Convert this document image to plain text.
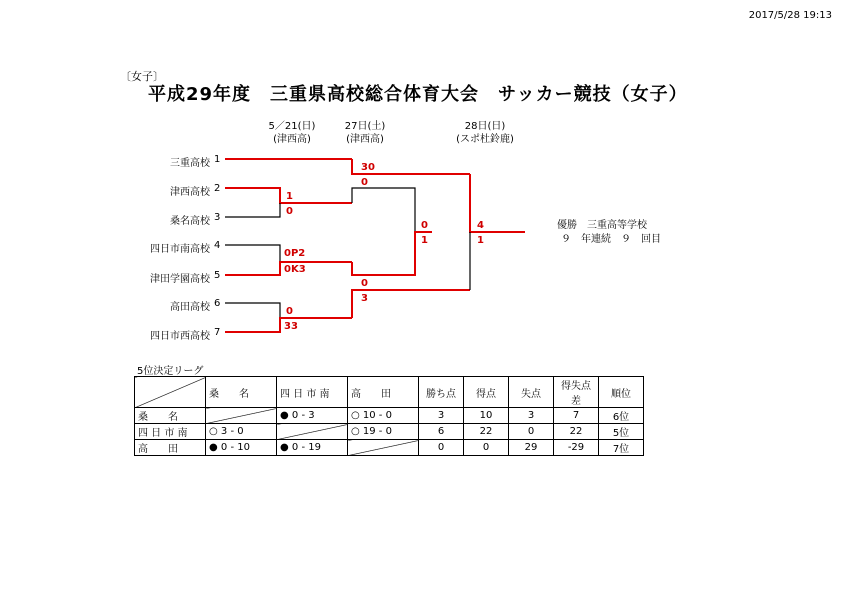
2017/5/28 19:13
〔女子〕
平成29年度　三重県高校総合体育大会　サッカー競技（女子）
5／21(日)
(津西高)
27日(土)
(津西高)
28日(日)
(スポ杜鈴鹿)
三重高校
津西高校
桑名高校
四日市南高校
津田学園高校
高田高校
四日市西高校
1
2
3
4
5
6
7
1
0
0P2
0K3
0
33
30
0
0
3
0
1
4
1
優勝　三重高等学校
９　年連続　９　回目
5位決定リーグ
	桑　　名	四 日 市 南	高　　田	勝ち点	得点	失点	得失点差	順位
桑　　名		● 0 - 3	○ 10 - 0	3	10	3	7	6位
四 日 市 南	○ 3 - 0		○ 19 - 0	6	22	0	22	5位
高　　田	● 0 - 10	● 0 - 19		0	0	29	-29	7位
